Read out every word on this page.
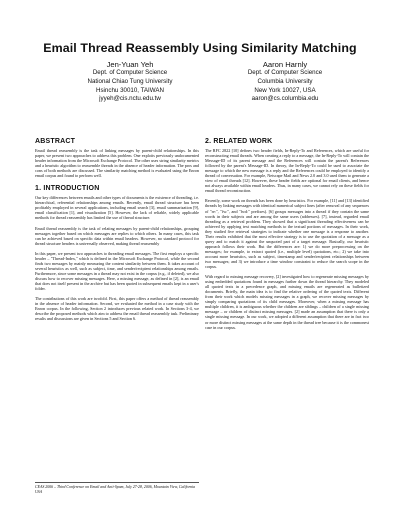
Email Thread Reassembly Using Similarity Matching
Jen-Yuan Yeh
Dept. of Computer Science
National Chiao Tung University
Hsinchu 30010, TAIWAN
jyyeh@cis.nctu.edu.tw
Aaron Harnly
Dept. of Computer Science
Columbia University
New York 10027, USA
aaron@cs.columbia.edu
ABSTRACT

Email thread reassembly is the task of linking messages by parent-child relationships. In this paper, we present two approaches to address this problem. One exploits previously undocumented header information from the Microsoft Exchange Protocol. The other uses string similarity metrics and a heuristic algorithm to reassemble threads in the absence of header information. The pros and cons of both methods are discussed. The similarity matching method is evaluated using the Enron email corpus and found to perform well.

1. INTRODUCTION

Our key differences between emails and other types of documents is the existence of threading, i.e. hierarchical, referential relationships among emails. Recently, email thread structure has been profitably employed in several applications, including email search [3], email summarization [9], email classification [1], and visualization [5]. However, the lack of reliable, widely applicable methods for thread reassembly has limited the use of thread structure.

Email thread reassembly is the task of relating messages by parent-child relationships, grouping messages together based on which messages are replies to which others. In many cases, this task can be achieved based on specific data within email headers. However, no standard protocol for thread structure headers is universally observed, making thread reassembly

In this paper, we present two approaches to threading email messages. The first employs a specific header – "Thread-Index," which is defined in the Microsoft Exchange Protocol, while the second finds two messages by mainly measuring the content similarity between them. It takes account of several heuristics as well, such as subject, time, and sender/recipient relationships among emails. Furthermore, since some messages in a thread may not exist in the corpus (e.g., if deleted), we also discuss how to recover missing messages. Here, a missing message, as defined in [2], is an email that does not itself present in the archive but has been quoted in subsequent emails kept in a user's folder.

The contributions of this work are twofold. First, this paper offers a method of thread reassembly in the absence of header information. Second, we evaluated the method in a case study with the Enron corpus. In the following, Section 2 introduces previous related work. In Sections 3-4, we describe the proposed methods which aim to address the email thread reassembly task. Preliminary results and discussions are given in Sections 5 and Section 6.

2. RELATED WORK

The RFC 2822 [10] defines two header fields, In-Reply-To and References, which are useful for reconstructing email threads. When creating a reply to a message, the In-Reply-To will contain the Message-ID of its parent message and the References will contain the parent's References followed by the parent's Message-ID. In theory, the In-Reply-To could be used to associate the message to which the new message is a reply and the References could be employed to identify a thread of conversation. For example, Netscape Mail and News 2.0 and 3.0 used them to generate a view of email threads [12]. However, these header fields are optional for email clients, and hence not always available within email headers. Thus, in many cases, we cannot rely on these fields for email thread reconstruction.

Recently, some work on threads has been done by heuristics. For example, [11] and [13] identified threads by linking messages with identical numerical subject lines (after removal of any sequences of "re:", "fw:", and "fwd:" prefixes). [6] groups messages into a thread if they contain the same words in their subjects and are among the same users (addresses). [7], instead, regarded email threading as a retrieval problem. They showed that a significant threading effectiveness can be achieved by applying text matching methods to the textual portions of messages. In their work, they studied five retrieval strategies to indicate whether one message is a response to another. Their results exhibited that the most effective strategy is to use the quotation of a message as a query and to match it against the unquoted part of a target message. Basically, our heuristic approach follows their work. But the differences are: 1) we do more preprocessing on the messages; for example, to extract quoted (i.e., multiple level) quotations, etc.; 2) we take into account more heuristics, such as subject, timestamp and sender/recipient relationships between two messages; and 3) we introduce a time window constraint to reduce the search scope in the corpus.

With regard to missing message recovery, [2] investigated how to regenerate missing messages by using embedded quotations found in messages further down the thread hierarchy. They modeled all quoted texts in a precedence graph, and missing emails are regenerated as bulletized documents. Briefly, the main idea is to find the relative ordering of the quoted texts. Different from their work which models missing messages in a graph, we recover missing messages by simply comparing quotations of its child messages. Moreover, when a missing message has multiple children, it is ambiguous whether the children are siblings – children of a single missing message – or children of distinct missing messages. [2] made an assumption that there is only a single missing message. In our work, we adopted a different assumption that there are in fact two or more distinct missing messages at the same depth in the thread tree because it is the commonest case in our corpus.

CEAS 2006 – Third Conference on Email and Anti-Spam, July 27-28, 2006, Mountain View, California USA
